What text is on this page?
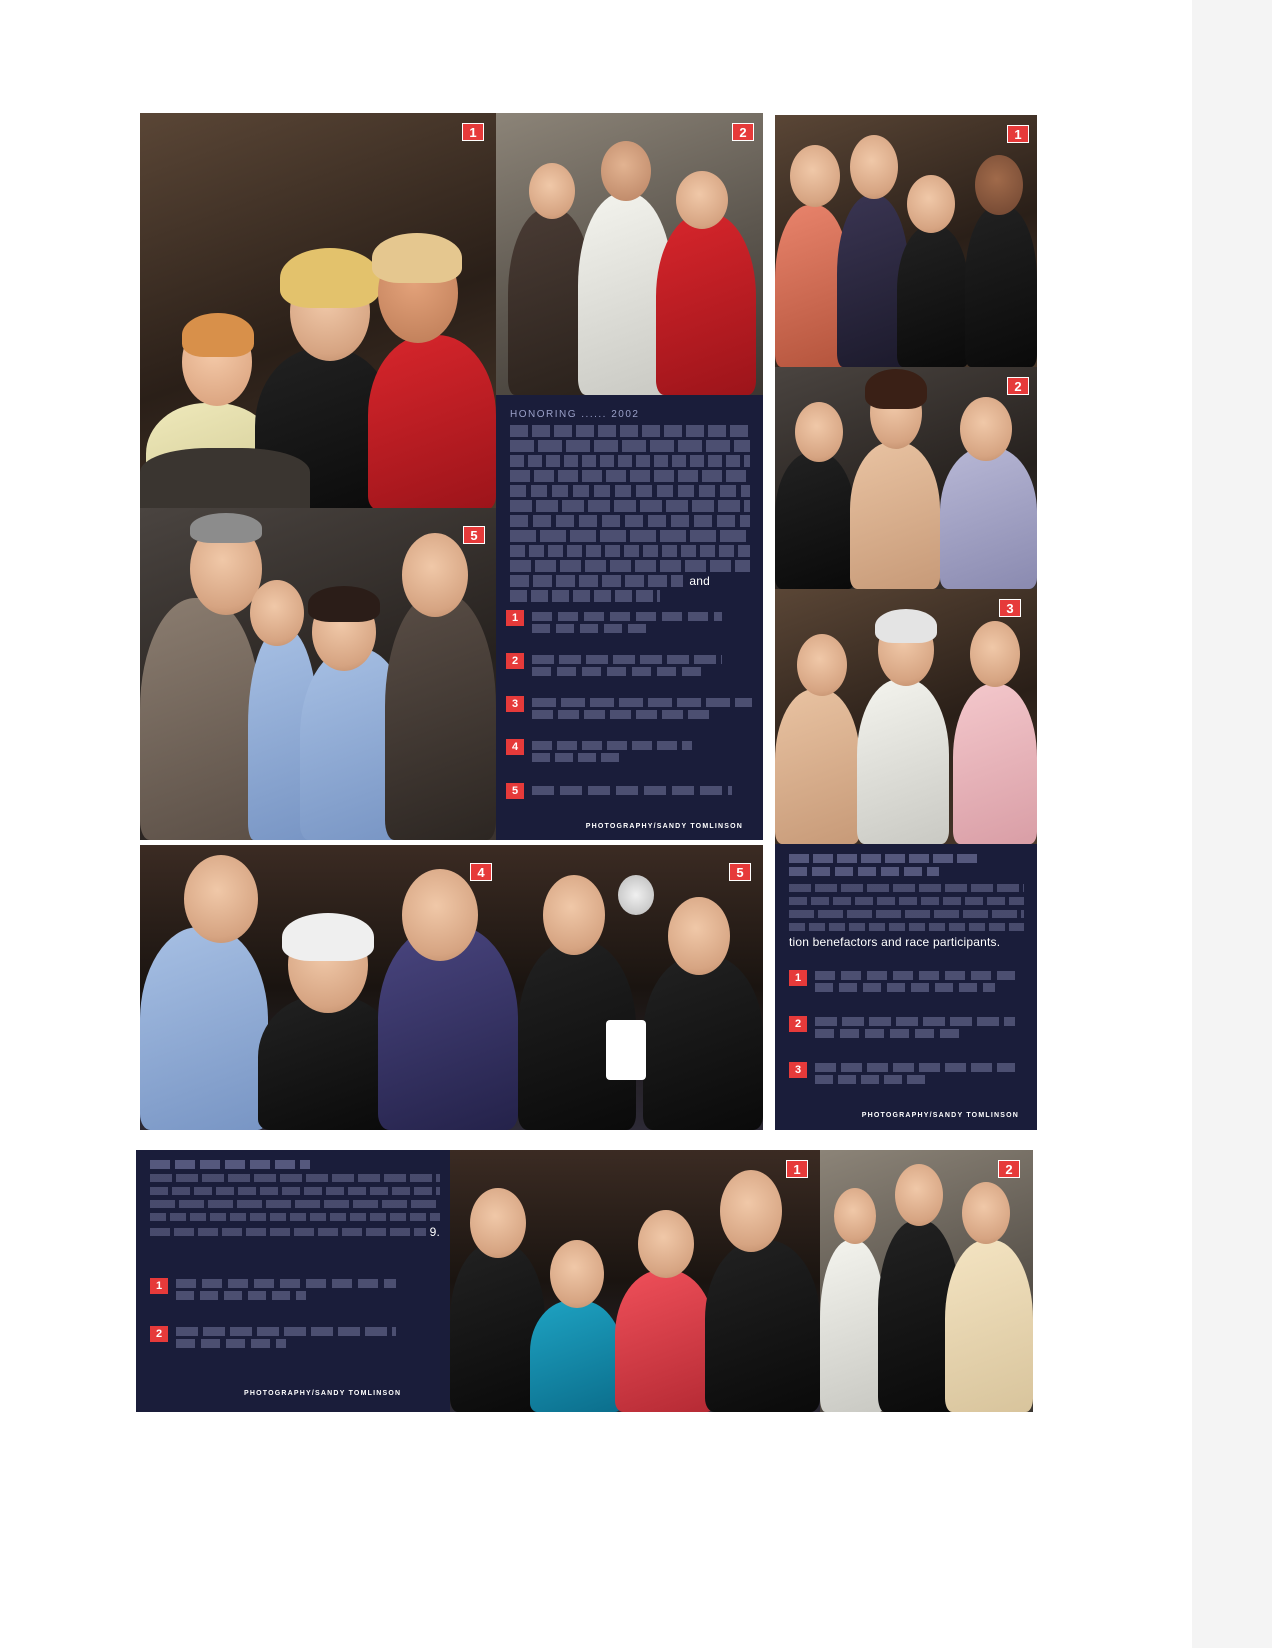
1	2
HONORING ...... 2002
and
1
2
3
4
5
PHOTOGRAPHY/SANDY TOMLINSON
5
4	5
1
2
3
tion benefactors and race participants.
1
2
3
PHOTOGRAPHY/SANDY TOMLINSON
9.
1
2
PHOTOGRAPHY/SANDY TOMLINSON
1	2
